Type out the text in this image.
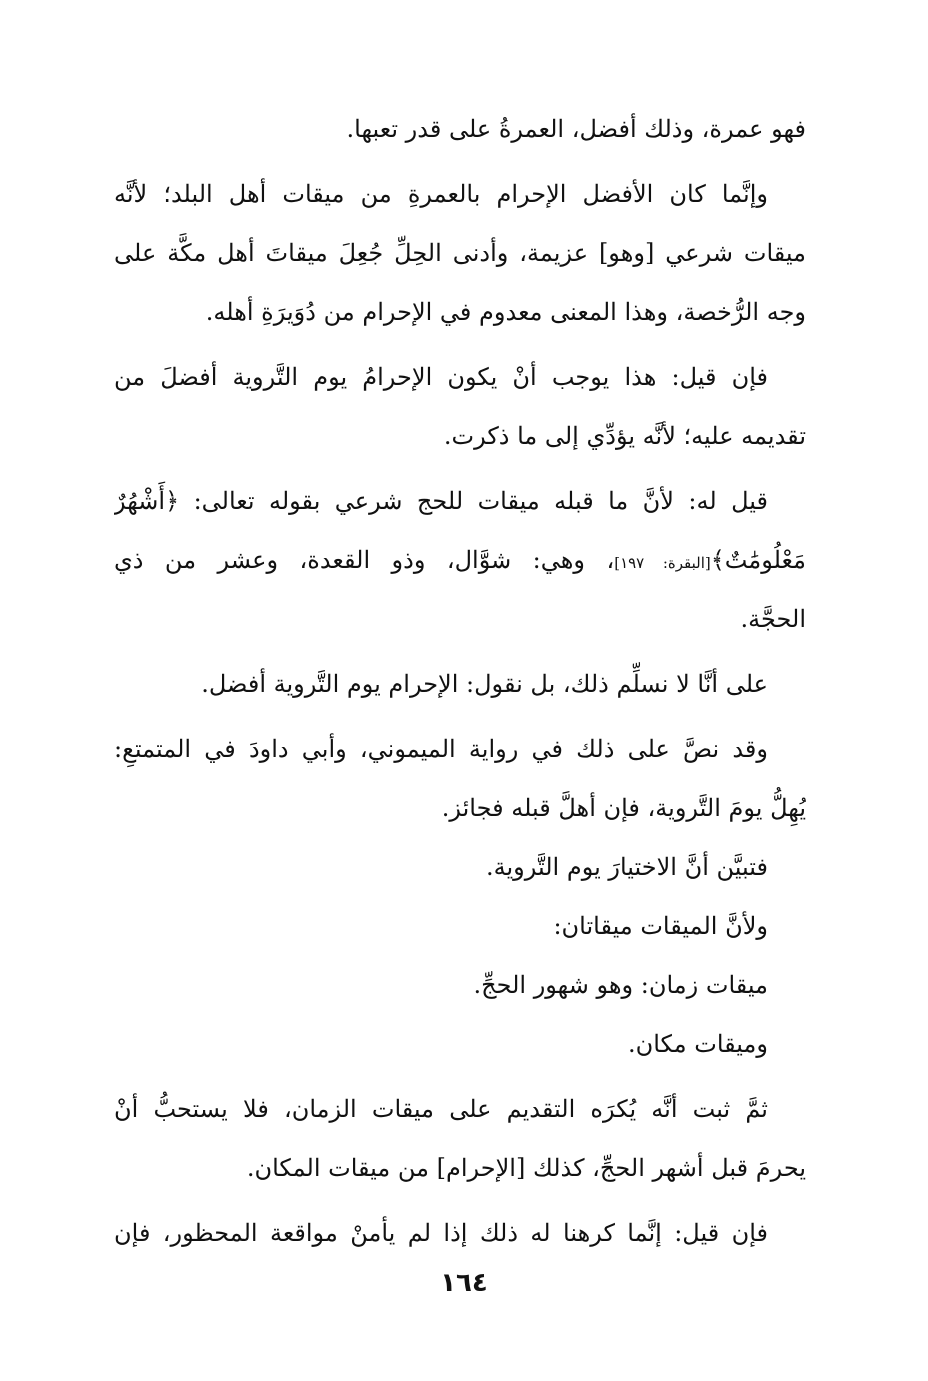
فهو عمرة، وذلك أفضل، العمرةُ على قدر تعبها.
وإنَّما كان الأفضل الإحرام بالعمرةِ من ميقات أهل البلد؛ لأنَّه
ميقات شرعي [وهو] عزيمة، وأدنى الحِلِّ جُعِلَ ميقاتَ أهل مكَّة على
وجه الرُّخصة، وهذا المعنى معدوم في الإحرام من دُوَيرَةِ أهله.
فإن قيل: هذا يوجب أنْ يكون الإحرامُ يوم التَّروية أفضلَ من
تقديمه عليه؛ لأنَّه يؤدِّي إلى ما ذكرت.
قيل له: لأنَّ ما قبله ميقات للحج شرعي بقوله تعالى: ﴿أَشْهُرٌ
مَعْلُومَٰتٌ﴾[البقرة: ١٩٧]، وهي: شوَّال، وذو القعدة، وعشر من ذي
الحجَّة.
على أنَّا لا نسلِّم ذلك، بل نقول: الإحرام يوم التَّروية أفضل.
وقد نصَّ على ذلك في رواية الميموني، وأبي داودَ في المتمتعِ:
يُهِلُّ يومَ التَّروية، فإن أهلَّ قبله فجائز.
فتبيَّن أنَّ الاختيارَ يوم التَّروية.
ولأنَّ الميقات ميقاتان:
ميقات زمان: وهو شهور الحجِّ.
وميقات مكان.
ثمَّ ثبت أنَّه يُكرَه التقديم على ميقات الزمان، فلا يستحبُّ أنْ
يحرمَ قبل أشهر الحجِّ، كذلك [الإحرام] من ميقات المكان.
فإن قيل: إنَّما كرهنا له ذلك إذا لم يأمنْ مواقعة المحظور، فإن
١٦٤
